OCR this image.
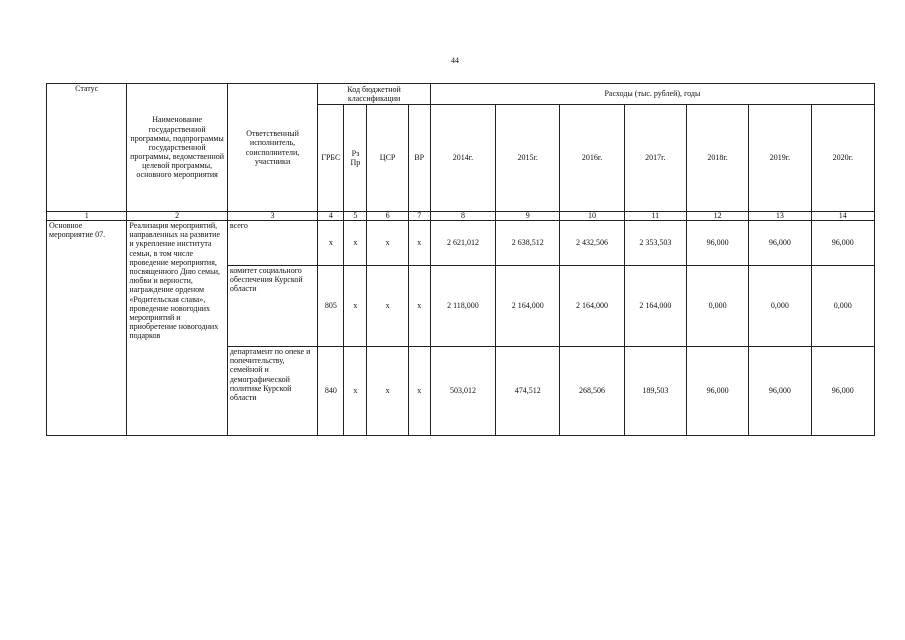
44
Статус	Наименование государственной программы, подпрограммы государственной программы, ведомственной целевой программы, основного мероприятия	Ответственный исполнитель, соисполнители, участники	Код бюджетной классификации				Расходы (тыс. рублей), годы						
			ГРБС	Рз Пр	ЦСР	ВР	2014г.	2015г.	2016г.	2017г.	2018г.	2019г.	2020г.
1	2	3	4	5	6	7	8	9	10	11	12	13	14
Основное мероприятие 07.	Реализация мероприятий, направленных на развитие и укрепление института семьи, в том числе проведение мероприятия, посвященного Дню семьи, любви и верности, награждение орденом «Родительская слава», проведение новогодних мероприятий и приобретение новогодних подарков	всего	х	х	х	х	2 621,012	2 638,512	2 432,506	2 353,503	96,000	96,000	96,000
		комитет социального обеспечения Курской области	805	х	х	х	2 118,000	2 164,000	2 164,000	2 164,000	0,000	0,000	0,000
		департамент по опеке и попечительству, семейной и демографической политике Курской области	840	х	х	х	503,012	474,512	268,506	189,503	96,000	96,000	96,000
